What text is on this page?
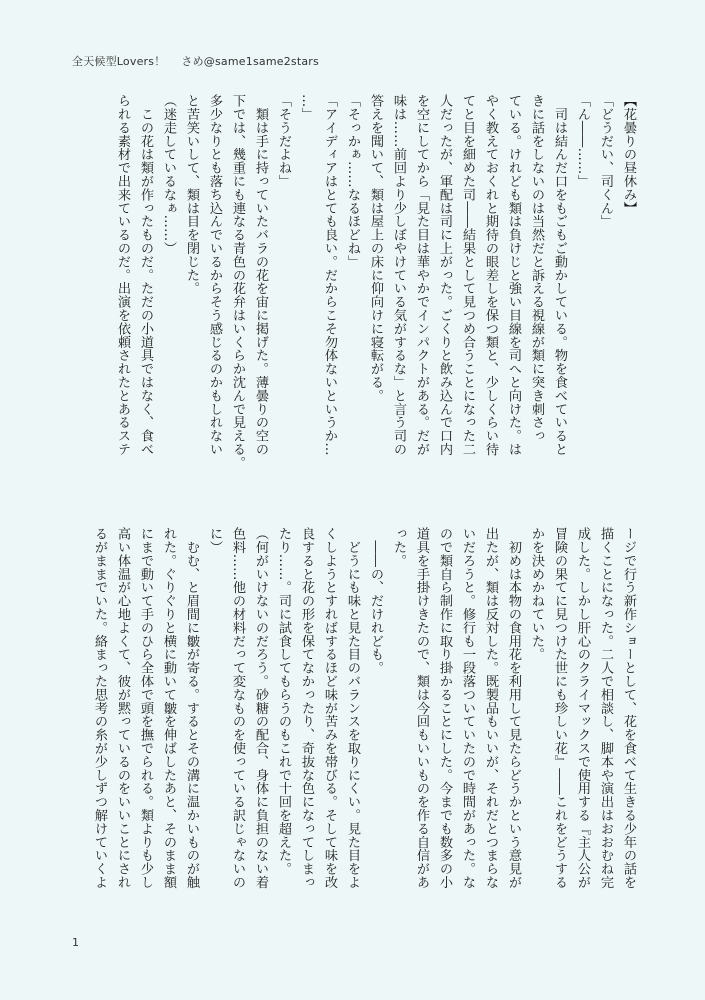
全天候型Lovers！ さめ@same1same2stars
【花曇りの昼休み】
「どうだい、司くん」
「ん――……」
　司は結んだ口をもごもご動かしている。物を食べていると
きに話をしないのは当然だと訴える視線が類に突き刺さっ
ている。けれども類は負けじと強い目線を司へと向けた。は
やく教えておくれと期待の眼差しを保つ類と、少しくらい待
てと目を細めた司――結果として見つめ合うことになった二
人だったが、軍配は司に上がった。ごくりと飲み込んで口内
を空にしてから「見た目は華やかでインパクトがある。だが
味は……前回より少しぼやけている気がするな」と言う司の
答えを聞いて、類は屋上の床に仰向けに寝転がる。
「そっかぁ……なるほどね」
「アイディアはとても良い。だからこそ勿体ないというか…
…」
「そうだよね」
　類は手に持っていたバラの花を宙に掲げた。薄曇りの空の
下では、幾重にも連なる青色の花弁はいくらか沈んで見える。
多少なりとも落ち込んでいるからそう感じるのかもしれない
と苦笑いして、類は目を閉じた。
（迷走しているなぁ……）
　この花は類が作ったものだ。ただの小道具ではなく、食べ
られる素材で出来ているのだ。出演を依頼されたとあるステ
ージで行う新作ショーとして、花を食べて生きる少年の話を
描くことになった。二人で相談し、脚本や演出はおおむね完
成した。しかし肝心のクライマックスで使用する『主人公が
冒険の果てに見つけた世にも珍しい花』――これをどうする
かを決めかねていた。
　初めは本物の食用花を利用して見たらどうかという意見が
出たが、類は反対した。既製品もいいが、それだとつまらな
いだろうと。修行も一段落ついていたので時間があった。な
ので類自ら制作に取り掛かることにした。今までも数多の小
道具を手掛けきたので、類は今回もいいものを作る自信があ
った。
　――の、だけれども。
　どうにも味と見た目のバランスを取りにくい。見た目をよ
くしようとすればするほど味が苦みを帯びる。そして味を改
良すると花の形を保てなかったり、奇抜な色になってしまっ
たり……。司に試食してもらうのもこれで十回を超えた。
（何がいけないのだろう。砂糖の配合、身体に負担のない着
色料……他の材料だって変なものを使っている訳じゃないの
に）
　むむ、と眉間に皺が寄る。するとその溝に温かいものが触
れた。ぐりぐりと横に動いて皺を伸ばしたあと、そのまま額
にまで動いて手のひら全体で頭を撫でられる。類よりも少し
高い体温が心地よくて、彼が黙っているのをいいことにされ
るがままでいた。絡まった思考の糸が少しずつ解けていくよ
1
